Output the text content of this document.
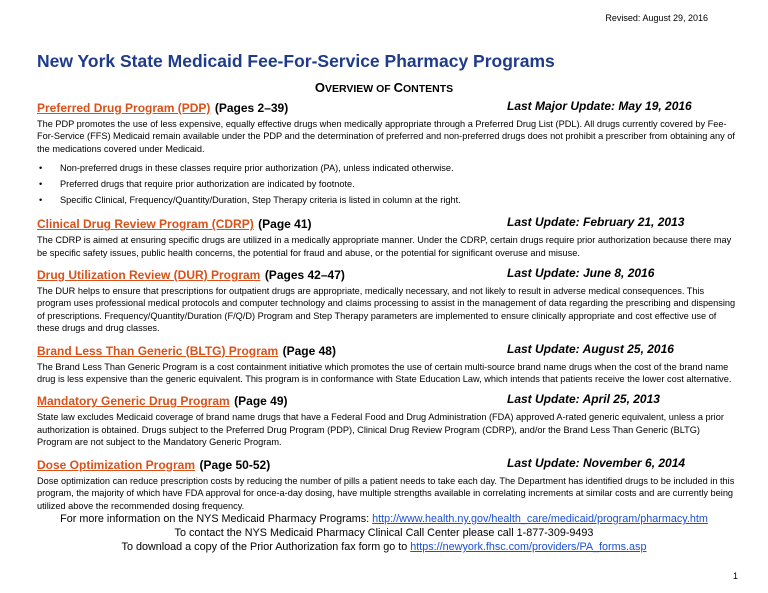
Revised: August 29, 2016
New York State Medicaid Fee-For-Service Pharmacy Programs
OVERVIEW OF CONTENTS
Preferred Drug Program (PDP) (Pages 2–39)	Last Major Update: May 19, 2016

The PDP promotes the use of less expensive, equally effective drugs when medically appropriate through a Preferred Drug List (PDL). All drugs currently covered by Fee-For-Service (FFS) Medicaid remain available under the PDP and the determination of preferred and non-preferred drugs does not prohibit a prescriber from obtaining any of the medications covered under Medicaid.

• Non-preferred drugs in these classes require prior authorization (PA), unless indicated otherwise.
• Preferred drugs that require prior authorization are indicated by footnote.
• Specific Clinical, Frequency/Quantity/Duration, Step Therapy criteria is listed in column at the right.
Clinical Drug Review Program (CDRP) (Page 41)	Last Update: February 21, 2013

The CDRP is aimed at ensuring specific drugs are utilized in a medically appropriate manner. Under the CDRP, certain drugs require prior authorization because there may be specific safety issues, public health concerns, the potential for fraud and abuse, or the potential for significant overuse and misuse.

Drug Utilization Review (DUR) Program (Pages 42–47)	Last Update: June 8, 2016

The DUR helps to ensure that prescriptions for outpatient drugs are appropriate, medically necessary, and not likely to result in adverse medical consequences. This program uses professional medical protocols and computer technology and claims processing to assist in the management of data regarding the prescribing and dispensing of prescriptions. Frequency/Quantity/Duration (F/Q/D) Program and Step Therapy parameters are implemented to ensure clinically appropriate and cost effective use of these drugs and drug classes.

Brand Less Than Generic (BLTG) Program (Page 48)	Last Update: August 25, 2016

The Brand Less Than Generic Program is a cost containment initiative which promotes the use of certain multi-source brand name drugs when the cost of the brand name drug is less expensive than the generic equivalent. This program is in conformance with State Education Law, which intends that patients receive the lower cost alternative.

Mandatory Generic Drug Program (Page 49)	Last Update: April 25, 2013

State law excludes Medicaid coverage of brand name drugs that have a Federal Food and Drug Administration (FDA) approved A-rated generic equivalent, unless a prior authorization is obtained. Drugs subject to the Preferred Drug Program (PDP), Clinical Drug Review Program (CDRP), and/or the Brand Less Than Generic (BLTG) Program are not subject to the Mandatory Generic Program.

Dose Optimization Program (Page 50-52)	Last Update: November 6, 2014

Dose optimization can reduce prescription costs by reducing the number of pills a patient needs to take each day. The Department has identified drugs to be included in this program, the majority of which have FDA approval for once-a-day dosing, have multiple strengths available in correlating increments at similar costs and are currently being utilized above the recommended dosing frequency.

For more information on the NYS Medicaid Pharmacy Programs: http://www.health.ny.gov/health_care/medicaid/program/pharmacy.htm
To contact the NYS Medicaid Pharmacy Clinical Call Center please call 1-877-309-9493
To download a copy of the Prior Authorization fax form go to https://newyork.fhsc.com/providers/PA_forms.asp
1
